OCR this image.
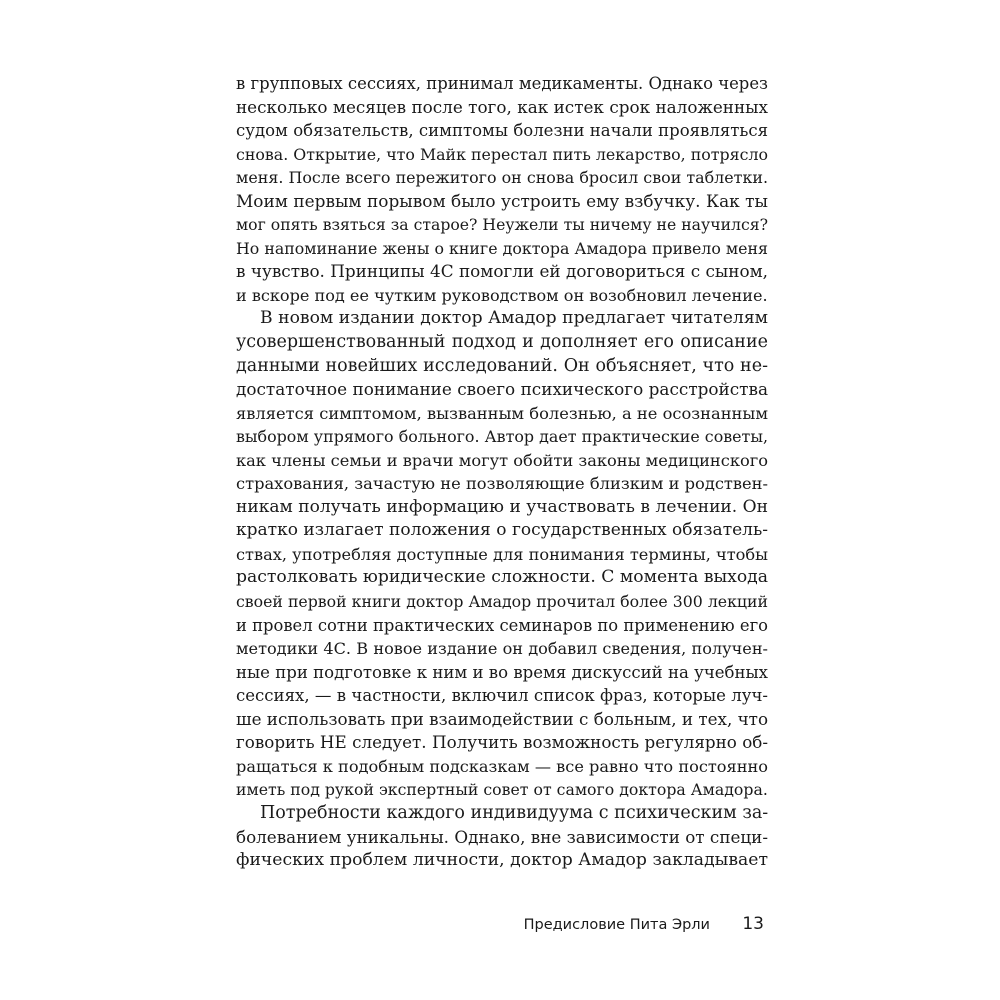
в групповых сессиях, принимал медикаменты. Однако через
несколько месяцев после того, как истек срок наложенных
судом обязательств, симптомы болезни начали проявляться
снова. Открытие, что Майк перестал пить лекарство, потрясло
меня. После всего пережитого он снова бросил свои таблетки.
Моим первым порывом было устроить ему взбучку. Как ты
мог опять взяться за старое? Неужели ты ничему не научился?
Но напоминание жены о книге доктора Амадора привело меня
в чувство. Принципы 4С помогли ей договориться с сыном,
и вскоре под ее чутким руководством он возобновил лечение.
В новом издании доктор Амадор предлагает читателям
усовершенствованный подход и дополняет его описание
данными новейших исследований. Он объясняет, что не-
достаточное понимание своего психического расстройства
является симптомом, вызванным болезнью, а не осознанным
выбором упрямого больного. Автор дает практические советы,
как члены семьи и врачи могут обойти законы медицинского
страхования, зачастую не позволяющие близким и родствен-
никам получать информацию и участвовать в лечении. Он
кратко излагает положения о государственных обязатель-
ствах, употребляя доступные для понимания термины, чтобы
растолковать юридические сложности. С момента выхода
своей первой книги доктор Амадор прочитал более 300 лекций
и провел сотни практических семинаров по применению его
методики 4С. В новое издание он добавил сведения, получен-
ные при подготовке к ним и во время дискуссий на учебных
сессиях, — в частности, включил список фраз, которые луч-
ше использовать при взаимодействии с больным, и тех, что
говорить НЕ следует. Получить возможность регулярно об-
ращаться к подобным подсказкам — все равно что постоянно
иметь под рукой экспертный совет от самого доктора Амадора.
Потребности каждого индивидуума с психическим за-
болеванием уникальны. Однако, вне зависимости от специ-
фических проблем личности, доктор Амадор закладывает
Предисловие Пита Эрли 13
